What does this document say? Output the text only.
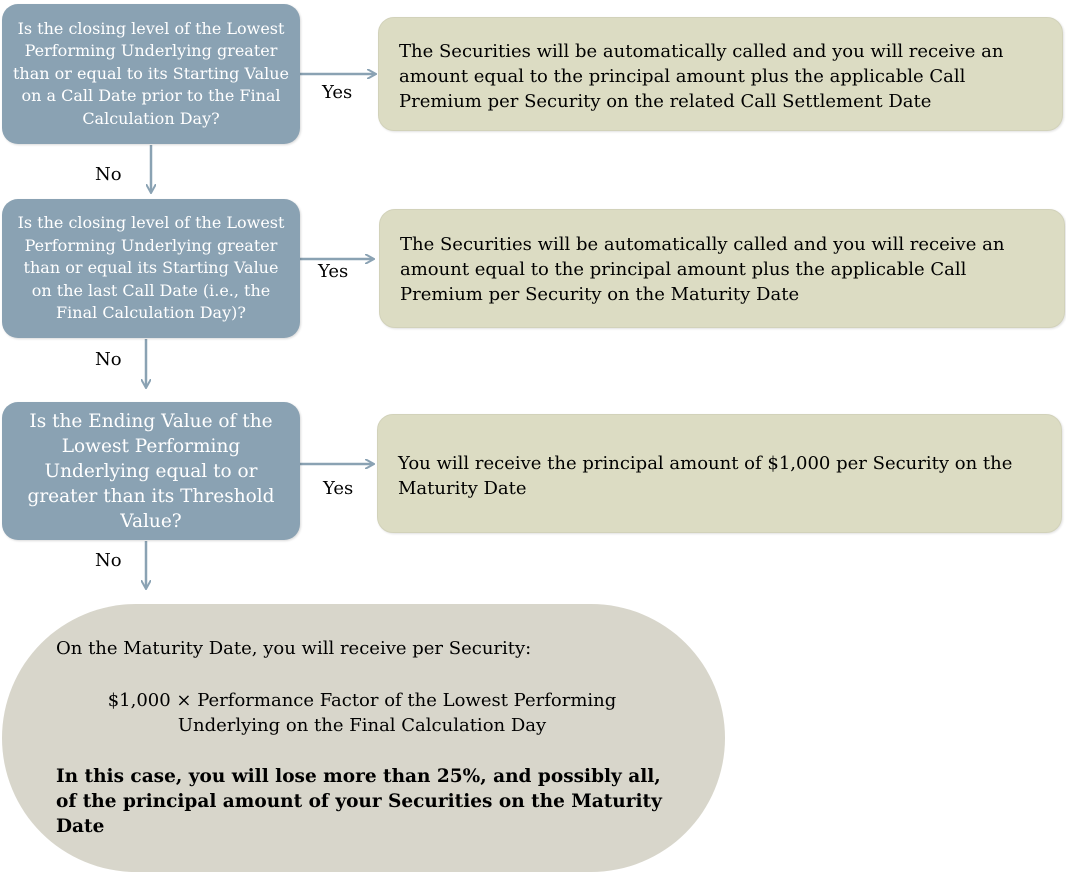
Is the closing level of the Lowest Performing Underlying greater than or equal to its Starting Value on a Call Date prior to the Final Calculation Day?
Is the closing level of the Lowest Performing Underlying greater than or equal its Starting Value on the last Call Date (i.e., the Final Calculation Day)?
Is the Ending Value of the Lowest Performing Underlying equal to or greater than its Threshold Value?
The Securities will be automatically called and you will receive an amount equal to the principal amount plus the applicable Call Premium per Security on the related Call Settlement Date
The Securities will be automatically called and you will receive an amount equal to the principal amount plus the applicable Call Premium per Security on the Maturity Date
You will receive the principal amount of $1,000 per Security on the Maturity Date
Yes
Yes
Yes
No
No
No
On the Maturity Date, you will receive per Security:
$1,000 × Performance Factor of the Lowest Performing Underlying on the Final Calculation Day
In this case, you will lose more than 25%, and possibly all, of the principal amount of your Securities on the Maturity Date
